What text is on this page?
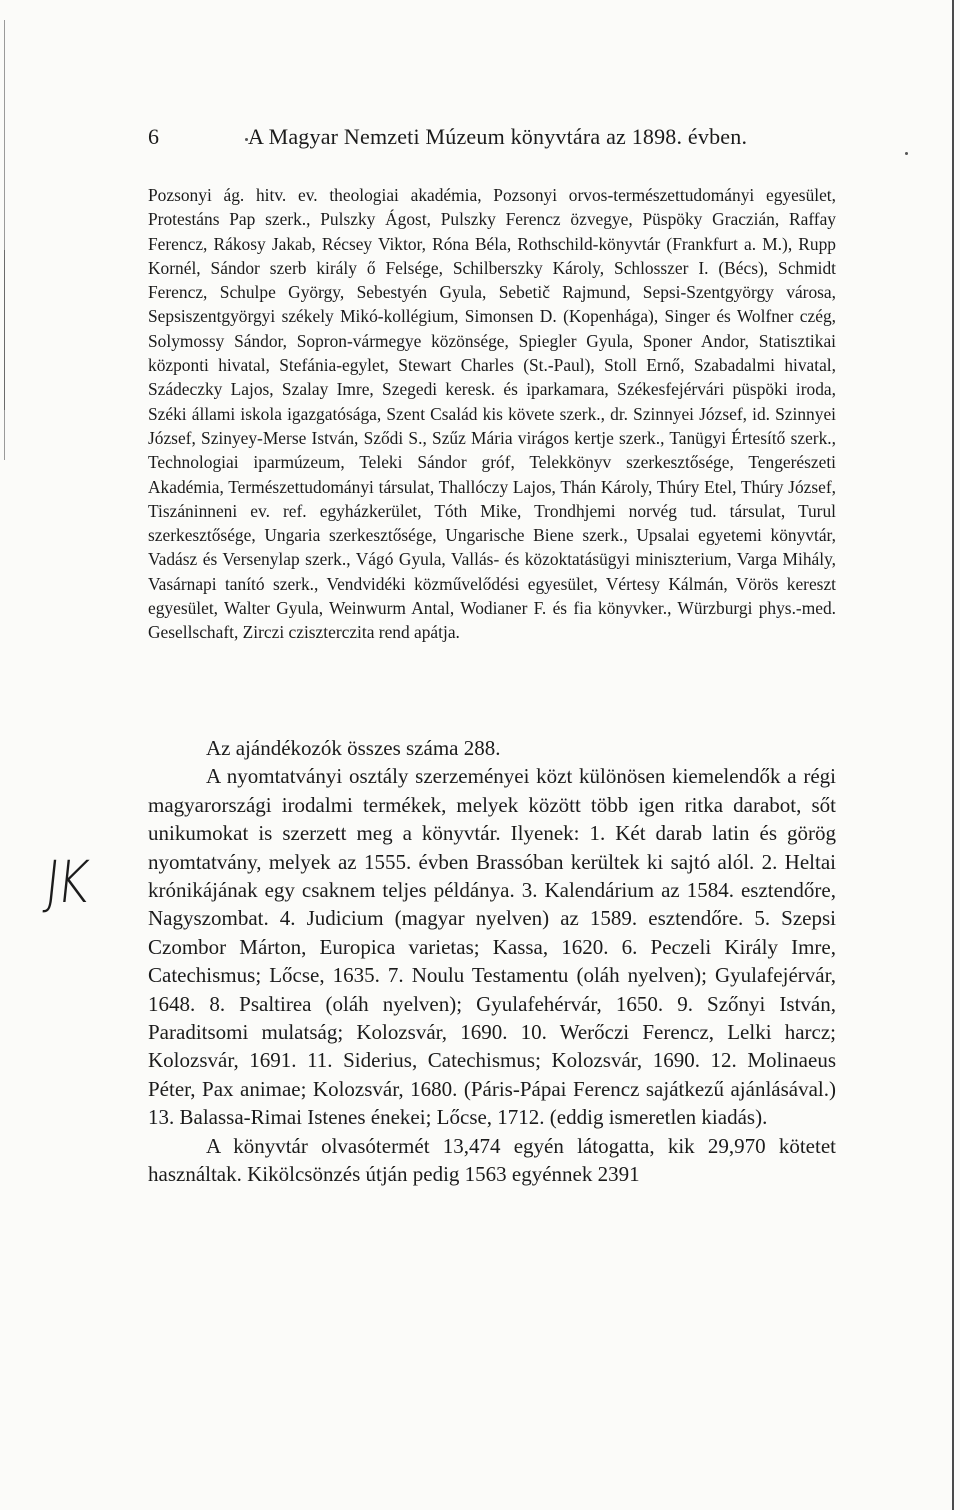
6	A Magyar Nemzeti Múzeum könyvtára az 1898. évben.

Pozsonyi ág. hitv. ev. theologiai akadémia, Pozsonyi orvos-természettudományi egyesület, Protestáns Pap szerk., Pulszky Ágost, Pulszky Ferencz özvegye, Püspöky Graczián, Raffay Ferencz, Rákosy Jakab, Récsey Viktor, Róna Béla, Rothschild-könyvtár (Frankfurt a. M.), Rupp Kornél, Sándor szerb király ő Felsége, Schilberszky Károly, Schlosszer I. (Bécs), Schmidt Ferencz, Schulpe György, Sebestyén Gyula, Sebetič Rajmund, Sepsi-Szentgyörgy városa, Sepsiszentgyörgyi székely Mikó-kollégium, Simonsen D. (Kopenhága), Singer és Wolfner czég, Solymossy Sándor, Sopron-vármegye közönsége, Spiegler Gyula, Sponer Andor, Statisztikai központi hivatal, Stefánia-egylet, Stewart Charles (St.-Paul), Stoll Ernő, Szabadalmi hivatal, Szádeczky Lajos, Szalay Imre, Szegedi keresk. és iparkamara, Székesfejérvári püspöki iroda, Széki állami iskola igazgatósága, Szent Család kis követe szerk., dr. Szinnyei József, id. Szinnyei József, Szinyey-Merse István, Sződi S., Szűz Mária virágos kertje szerk., Tanügyi Értesítő szerk., Technologiai iparmúzeum, Teleki Sándor gróf, Telekkönyv szerkesztősége, Tengerészeti Akadémia, Természettudományi társulat, Thallóczy Lajos, Thán Károly, Thúry Etel, Thúry József, Tiszáninneni ev. ref. egyházkerület, Tóth Mike, Trondhjemi norvég tud. társulat, Turul szerkesztősége, Ungaria szerkesztősége, Ungarische Biene szerk., Upsalai egyetemi könyvtár, Vadász és Versenylap szerk., Vágó Gyula, Vallás- és közoktatásügyi miniszterium, Varga Mihály, Vasárnapi tanító szerk., Vendvidéki közművelődési egyesület, Vértesy Kálmán, Vörös kereszt egyesület, Walter Gyula, Weinwurm Antal, Wodianer F. és fia könyvker., Würzburgi phys.-med. Gesellschaft, Zirczi cziszterczita rend apátja.

Az ajándékozók összes száma 288.

A nyomtatványi osztály szerzeményei közt különösen kiemelendők a régi magyarországi irodalmi termékek, melyek között több igen ritka darabot, sőt unikumokat is szerzett meg a könyvtár. Ilyenek: 1. Két darab latin és görög nyomtatvány, melyek az 1555. évben Brassóban kerültek ki sajtó alól. 2. Heltai krónikájának egy csaknem teljes példánya. 3. Kalendárium az 1584. esztendőre, Nagyszombat. 4. Judicium (magyar nyelven) az 1589. esztendőre. 5. Szepsi Czombor Márton, Europica varietas; Kassa, 1620. 6. Peczeli Király Imre, Catechismus; Lőcse, 1635. 7. Noulu Testamentu (oláh nyelven); Gyulafejérvár, 1648. 8. Psaltirea (oláh nyelven); Gyulafehérvár, 1650. 9. Szőnyi István, Paraditsomi mulatság; Kolozsvár, 1690. 10. Werőczi Ferencz, Lelki harcz; Kolozsvár, 1691. 11. Siderius, Catechismus; Kolozsvár, 1690. 12. Molinaeus Péter, Pax animae; Kolozsvár, 1680. (Páris-Pápai Ferencz sajátkezű ajánlásával.) 13. Balassa-Rimai Istenes énekei; Lőcse, 1712. (eddig ismeretlen kiadás).

A könyvtár olvasótermét 13,474 egyén látogatta, kik 29,970 kötetet használtak. Kikölcsönzés útján pedig 1563 egyénnek 2391

JK
